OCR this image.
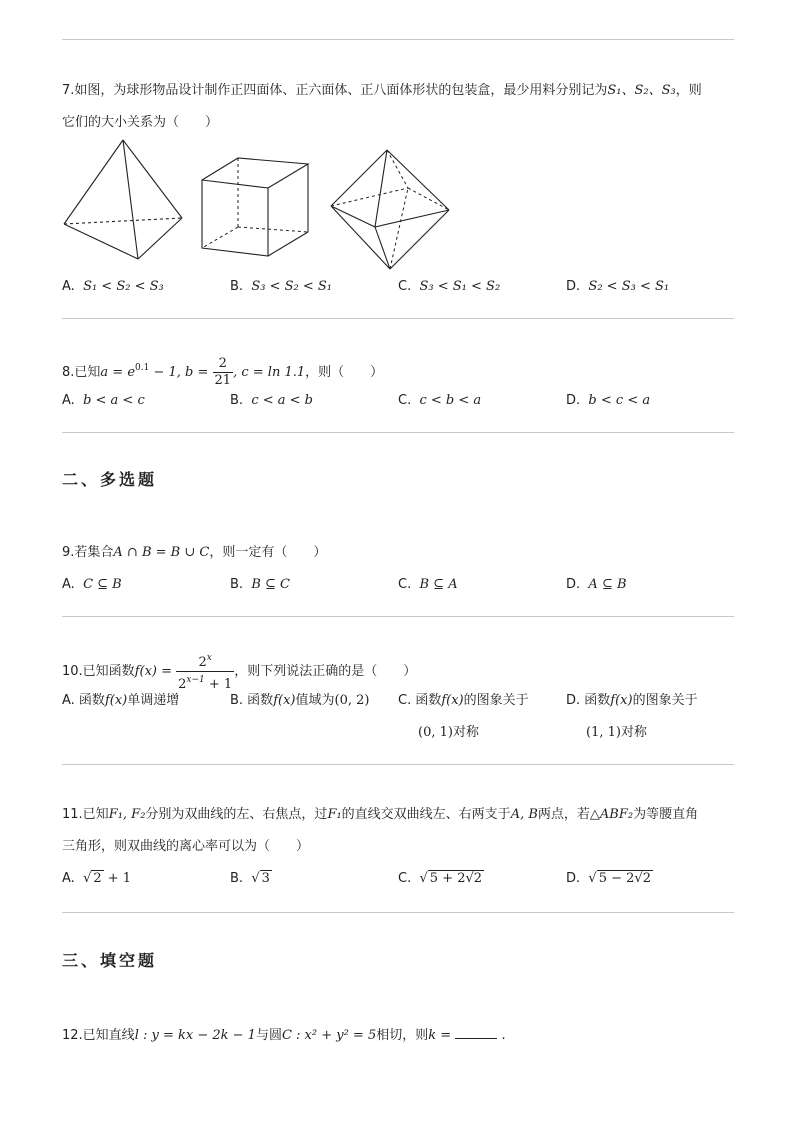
7.如图，为球形物品设计制作正四面体、正六面体、正八面体形状的包装盒，最少用料分别记为S₁、S₂、S₃，则
它们的大小关系为（　　）
A. S₁ < S₂ < S₃	B. S₃ < S₂ < S₁	C. S₃ < S₁ < S₂	D. S₂ < S₃ < S₁
8.已知$a = e^{0.1} - 1$, $b = \frac{2}{21}$ , c = ln 1.1，则（　　）
A. b < a < c	B. c < a < b	C. c < b < a	D. b < c < a
二、多选题
9.若集合A ∩ B = B ∪ C，则一定有（　　）
A. C ⊆ B	B. B ⊆ C	C. B ⊆ A	D. A ⊆ B
10.已知函数$f(x) = \frac{2^x}{2^{x-1} + 1}$ ，则下列说法正确的是（　　）
A. 函数f(x)单调递增	B. 函数f(x)值域为(0, 2) C. 函数f(x)的图象关于
(0, 1)对称
D. 函数f(x)的图象关于
(1, 1)对称
11.已知F₁, F₂分别为双曲线的左、右焦点，过F₁的直线交双曲线左、右两支于A, B两点，若△ABF₂为等腰直角
三角形，则双曲线的离心率可以为（　　）
A. √ 2 + 1	B. √ 3	C. √ 5 + 2√2	D. √ 5 − 2√2
三、填空题
12.已知直线l : y = kx − 2k − 1与圆C : x² + y² = 5相切，则k =	.
